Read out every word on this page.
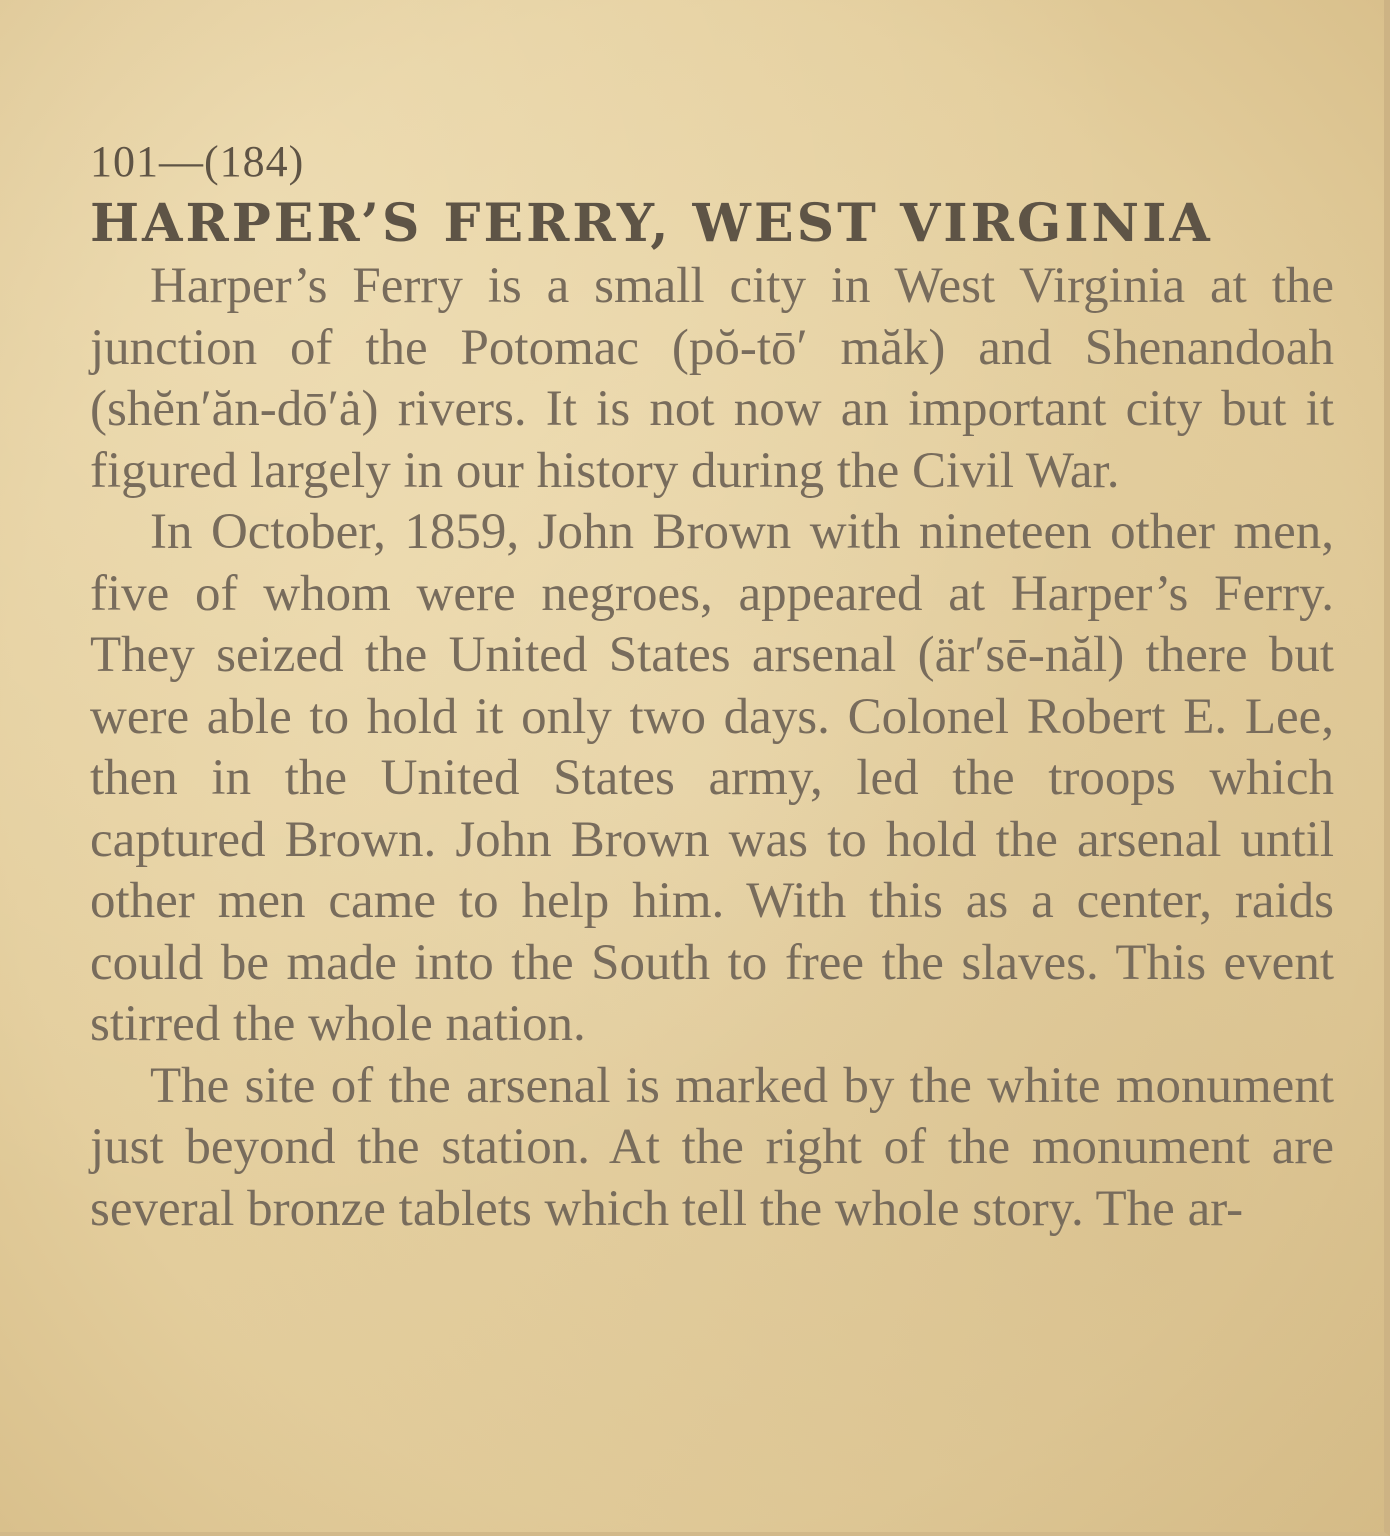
101—(184)
HARPER’S FERRY, WEST VIRGINIA

Harper’s Ferry is a small city in West Virginia at the junction of the Potomac (pŏ-tō′ măk) and Shenandoah (shĕn′ăn-dō′ȧ) rivers. It is not now an important city but it figured largely in our history during the Civil War.

In October, 1859, John Brown with nineteen other men, five of whom were negroes, appeared at Harper’s Ferry. They seized the United States arsenal (är′sē-năl) there but were able to hold it only two days. Colonel Robert E. Lee, then in the United States army, led the troops which captured Brown. John Brown was to hold the arsenal until other men came to help him. With this as a center, raids could be made into the South to free the slaves. This event stirred the whole nation.

The site of the arsenal is marked by the white monument just beyond the station. At the right of the monument are several bronze tablets which tell the whole story. The ar-
